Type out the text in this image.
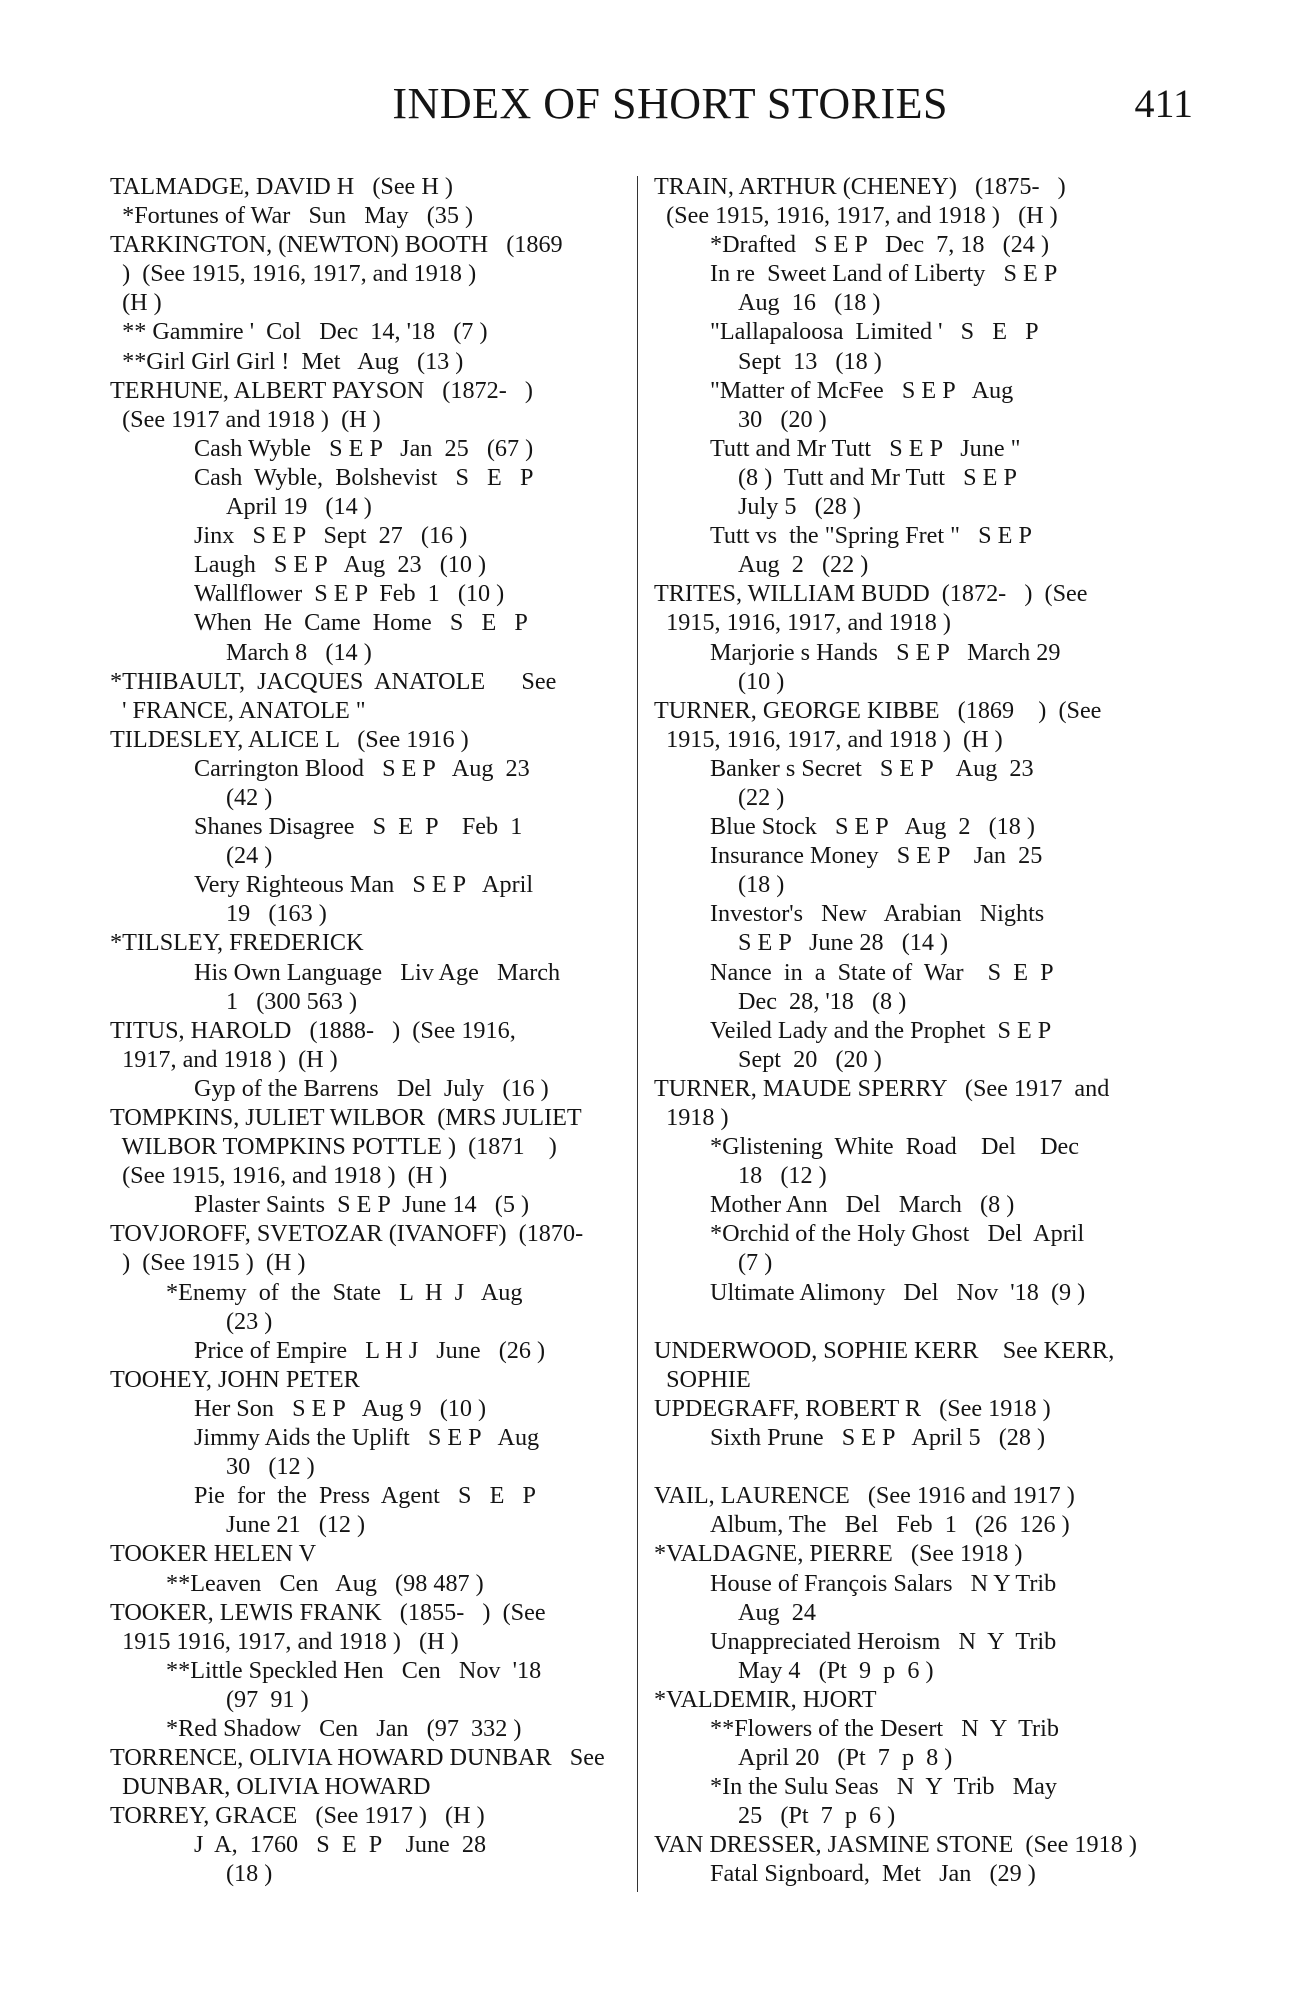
INDEX OF SHORT STORIES	411
TALMADGE, DAVID H   (See H )
*Fortunes of War   Sun   May   (35 )
TARKINGTON, (NEWTON) BOOTH   (1869
)  (See 1915, 1916, 1917, and 1918 )
(H )
** Gammire '  Col   Dec  14, '18   (7 )
**Girl Girl Girl !  Met   Aug   (13 )
TERHUNE, ALBERT PAYSON   (1872-   )
(See 1917 and 1918 )  (H )
Cash Wyble   S E P   Jan  25   (67 )
Cash  Wyble,  Bolshevist   S   E   P
April 19   (14 )
Jinx   S E P   Sept  27   (16 )
Laugh   S E P   Aug  23   (10 )
Wallflower  S E P  Feb  1   (10 )
When  He  Came  Home   S   E   P
March 8   (14 )
*THIBAULT,  JACQUES  ANATOLE      See
' FRANCE, ANATOLE "
TILDESLEY, ALICE L   (See 1916 )
Carrington Blood   S E P   Aug  23
(42 )
Shanes Disagree   S  E  P    Feb  1
(24 )
Very Righteous Man   S E P   April
19   (163 )
*TILSLEY, FREDERICK
His Own Language   Liv Age   March
1   (300 563 )
TITUS, HAROLD   (1888-   )  (See 1916,
1917, and 1918 )  (H )
Gyp of the Barrens   Del  July   (16 )
TOMPKINS, JULIET WILBOR  (MRS JULIET
WILBOR TOMPKINS POTTLE )  (1871    )
(See 1915, 1916, and 1918 )  (H )
Plaster Saints  S E P  June 14   (5 )
TOVJOROFF, SVETOZAR (IVANOFF)  (1870-
)  (See 1915 )  (H )
*Enemy  of  the  State   L  H  J   Aug
(23 )
Price of Empire   L H J   June   (26 )
TOOHEY, JOHN PETER
Her Son   S E P   Aug 9   (10 )
Jimmy Aids the Uplift   S E P   Aug
30   (12 )
Pie  for  the  Press  Agent   S   E   P
June 21   (12 )
TOOKER HELEN V
**Leaven   Cen   Aug   (98 487 )
TOOKER, LEWIS FRANK   (1855-   )  (See
1915 1916, 1917, and 1918 )   (H )
**Little Speckled Hen   Cen   Nov  '18
(97  91 )
*Red Shadow   Cen   Jan   (97  332 )
TORRENCE, OLIVIA HOWARD DUNBAR   See
DUNBAR, OLIVIA HOWARD
TORREY, GRACE   (See 1917 )   (H )
J  A,  1760   S  E  P    June  28
(18 )
TRAIN, ARTHUR (CHENEY)   (1875-   )
(See 1915, 1916, 1917, and 1918 )   (H )
*Drafted   S E P   Dec  7, 18   (24 )
In re  Sweet Land of Liberty   S E P
Aug  16   (18 )
"Lallapaloosa  Limited '   S   E   P
Sept  13   (18 )
"Matter of McFee   S E P   Aug
30   (20 )
Tutt and Mr Tutt   S E P   June "
(8 )  Tutt and Mr Tutt   S E P
July 5   (28 )
Tutt vs  the "Spring Fret "   S E P
Aug  2   (22 )
TRITES, WILLIAM BUDD  (1872-   )  (See
1915, 1916, 1917, and 1918 )
Marjorie s Hands   S E P   March 29
(10 )
TURNER, GEORGE KIBBE   (1869    )  (See
1915, 1916, 1917, and 1918 )  (H )
Banker s Secret   S E P    Aug  23
(22 )
Blue Stock   S E P   Aug  2   (18 )
Insurance Money   S E P    Jan  25
(18 )
Investor's   New   Arabian   Nights
S E P   June 28   (14 )
Nance  in  a  State of  War    S  E  P
Dec  28, '18   (8 )
Veiled Lady and the Prophet  S E P
Sept  20   (20 )
TURNER, MAUDE SPERRY   (See 1917  and
1918 )
*Glistening  White  Road    Del    Dec
18   (12 )
Mother Ann   Del   March   (8 )
*Orchid of the Holy Ghost   Del  April
(7 )
Ultimate Alimony   Del   Nov  '18  (9 )

UNDERWOOD, SOPHIE KERR    See KERR,
SOPHIE
UPDEGRAFF, ROBERT R   (See 1918 )
Sixth Prune   S E P   April 5   (28 )

VAIL, LAURENCE   (See 1916 and 1917 )
Album, The   Bel   Feb  1   (26  126 )
*VALDAGNE, PIERRE   (See 1918 )
House of François Salars   N Y Trib
Aug  24
Unappreciated Heroism   N  Y  Trib
May 4   (Pt  9  p  6 )
*VALDEMIR, HJORT
**Flowers of the Desert   N  Y  Trib
April 20   (Pt  7  p  8 )
*In the Sulu Seas   N  Y  Trib   May
25   (Pt  7  p  6 )
VAN DRESSER, JASMINE STONE  (See 1918 )
Fatal Signboard,  Met   Jan   (29 )
